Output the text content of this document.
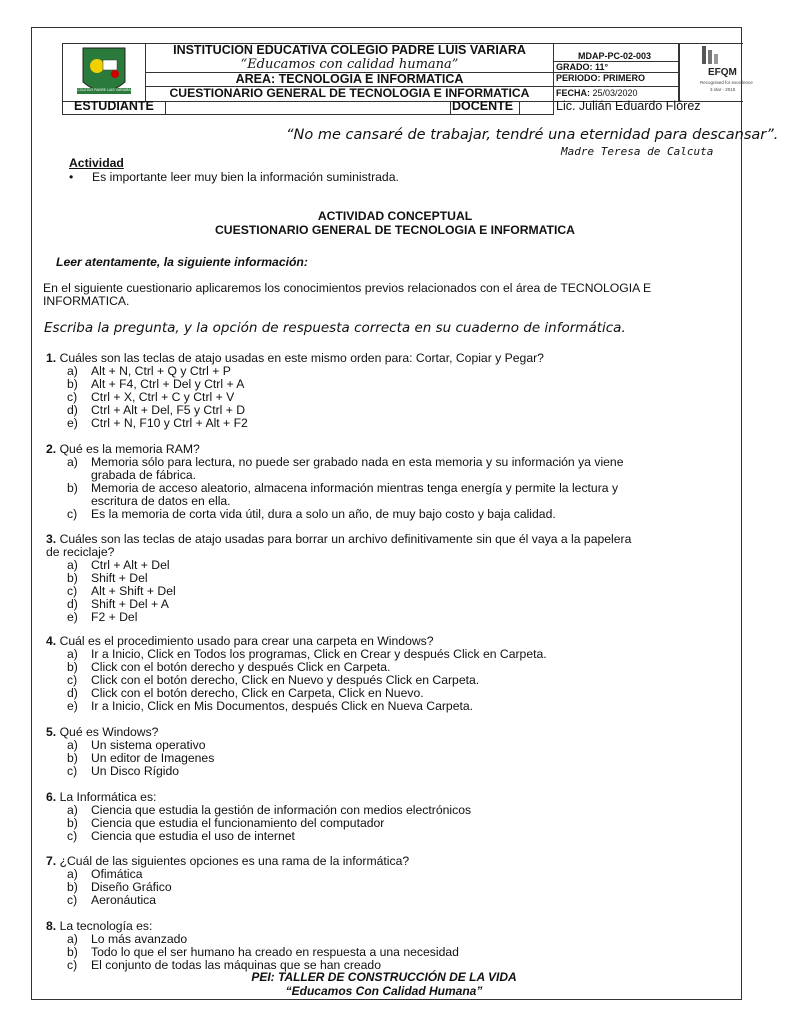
COLEGIO PADRE LUIS VARIARA
INSTITUCION EDUCATIVA COLEGIO PADRE LUIS VARIARA
“Educamos con calidad humana”
AREA: TECNOLOGIA E INFORMATICA
CUESTIONARIO GENERAL DE TECNOLOGIA E INFORMATICA
MDAP-PC-02-003
GRADO: 11°
PERIODO: PRIMERO
FECHA: 25/03/2020
EFQM
Recognised for excellence
3 star - 2015
ESTUDIANTE	DOCENTE	Lic. Julián Eduardo Flórez
“No me cansaré de trabajar, tendré una eternidad para descansar”.
Madre Teresa de Calcuta
Actividad
• Es importante leer muy bien la información suministrada.
ACTIVIDAD CONCEPTUAL
CUESTIONARIO GENERAL DE TECNOLOGIA E INFORMATICA
Leer atentamente, la siguiente información:
En el siguiente cuestionario aplicaremos los conocimientos previos relacionados con el área de TECNOLOGIA E
INFORMATICA.
Escriba la pregunta, y la opción de respuesta correcta en su cuaderno de informática.
1. Cuáles son las teclas de atajo usadas en este mismo orden para: Cortar, Copiar y Pegar?
a) Alt + N, Ctrl + Q y Ctrl + P
b) Alt + F4, Ctrl + Del y Ctrl + A
c) Ctrl + X, Ctrl + C y Ctrl + V
d) Ctrl + Alt + Del, F5 y Ctrl + D
e) Ctrl + N, F10 y Ctrl + Alt + F2
2. Qué es la memoria RAM?
a) Memoria sólo para lectura, no puede ser grabado nada en esta memoria y su información ya viene
grabada de fábrica.
b) Memoria de acceso aleatorio, almacena información mientras tenga energía y permite la lectura y
escritura de datos en ella.
c) Es la memoria de corta vida útil, dura a solo un año, de muy bajo costo y baja calidad.
3. Cuáles son las teclas de atajo usadas para borrar un archivo definitivamente sin que él vaya a la papelera
de reciclaje?
a) Ctrl + Alt + Del
b) Shift + Del
c) Alt + Shift + Del
d) Shift + Del + A
e) F2 + Del
4. Cuál es el procedimiento usado para crear una carpeta en Windows?
a) Ir a Inicio, Click en Todos los programas, Click en Crear y después Click en Carpeta.
b) Click con el botón derecho y después Click en Carpeta.
c) Click con el botón derecho, Click en Nuevo y después Click en Carpeta.
d) Click con el botón derecho, Click en Carpeta, Click en Nuevo.
e) Ir a Inicio, Click en Mis Documentos, después Click en Nueva Carpeta.
5. Qué es Windows?
a) Un sistema operativo
b) Un editor de Imagenes
c) Un Disco Rígido
6. La Informática es:
a) Ciencia que estudia la gestión de información con medios electrónicos
b) Ciencia que estudia el funcionamiento del computador
c) Ciencia que estudia el uso de internet
7. ¿Cuál de las siguientes opciones es una rama de la informática?
a) Ofimática
b) Diseño Gráfico
c) Aeronáutica
8. La tecnología es:
a) Lo más avanzado
b) Todo lo que el ser humano ha creado en respuesta a una necesidad
c) El conjunto de todas las máquinas que se han creado
PEI: TALLER DE CONSTRUCCIÓN DE LA VIDA
“Educamos Con Calidad Humana”
